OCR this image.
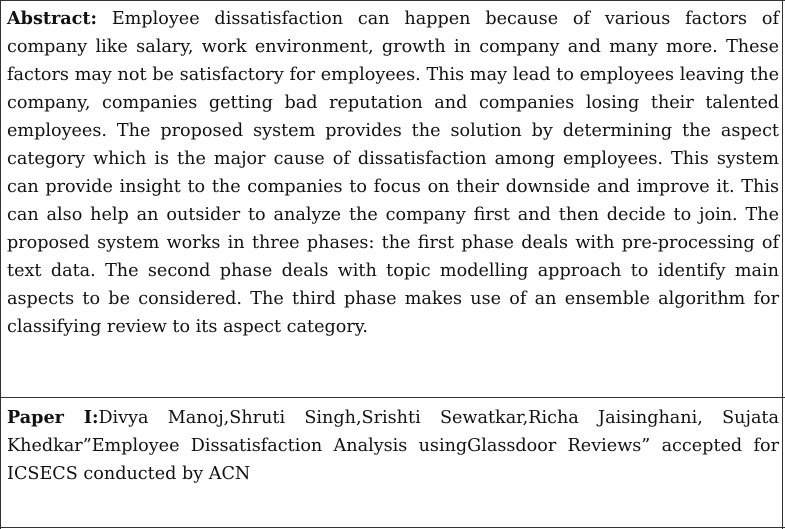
Abstract: Employee dissatisfaction can happen because of various factors of company like salary, work environment, growth in company and many more. These factors may not be satisfactory for employees. This may lead to employees leaving the company, companies getting bad reputation and companies losing their talented employees. The proposed system provides the solution by determining the aspect category which is the major cause of dissatisfaction among employees. This system can provide insight to the companies to focus on their downside and improve it. This can also help an outsider to analyze the company first and then decide to join. The proposed system works in three phases: the first phase deals with pre-processing of text data. The second phase deals with topic modelling approach to identify main aspects to be considered. The third phase makes use of an ensemble algorithm for classifying review to its aspect category.
Paper I:Divya Manoj,Shruti Singh,Srishti Sewatkar,Richa Jaisinghani, Sujata Khedkar”Employee Dissatisfaction Analysis usingGlassdoor Reviews” accepted for ICSECS conducted by ACN
